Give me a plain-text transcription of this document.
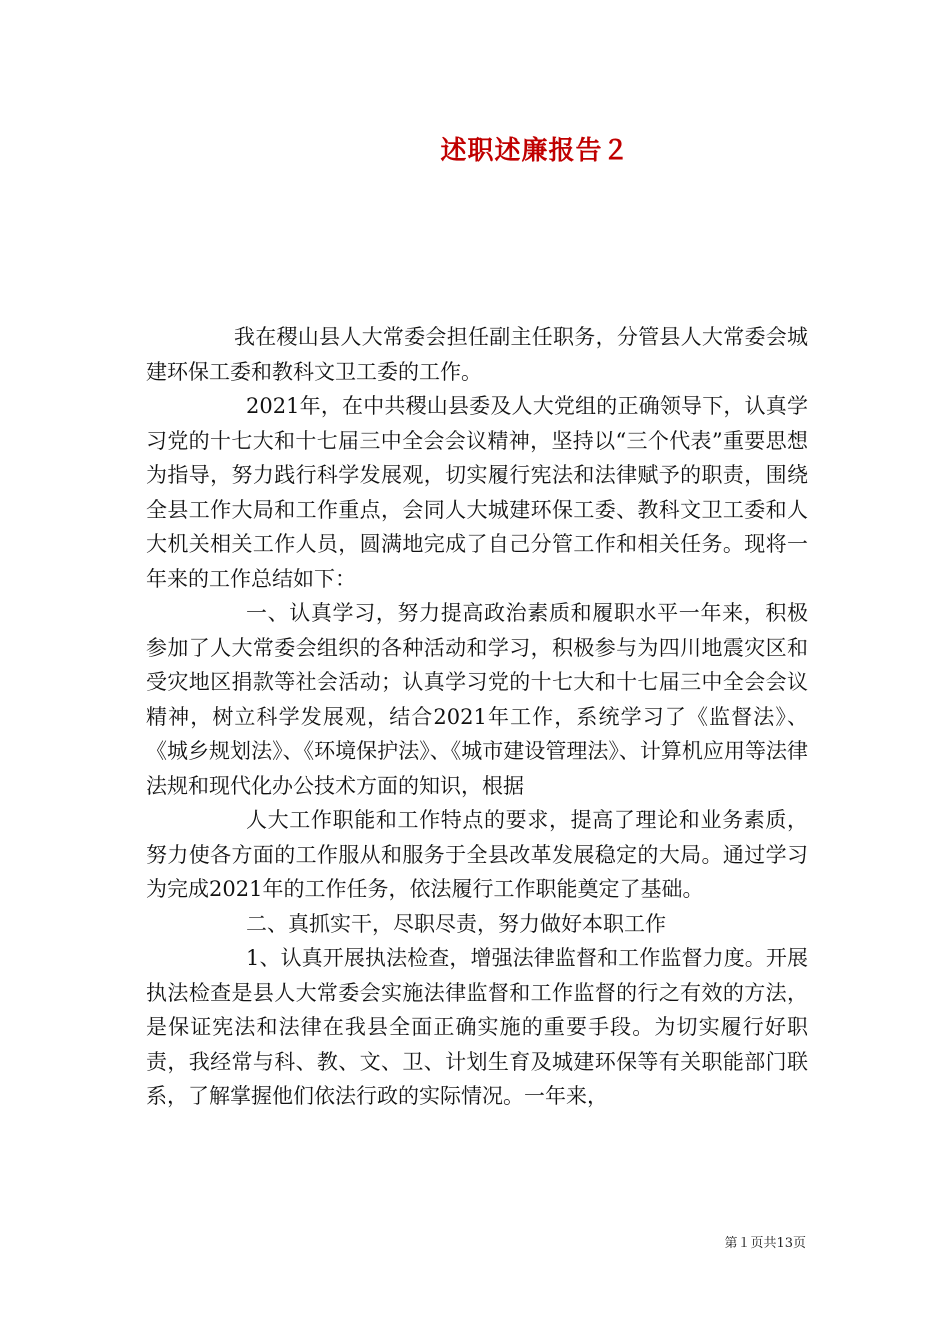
述职述廉报告２

我在稷山县人大常委会担任副主任职务，分管县人大常委会城建环保工委和教科文卫工委的工作。

2021年，在中共稷山县委及人大党组的正确领导下，认真学习党的十七大和十七届三中全会会议精神，坚持以“三个代表”重要思想为指导，努力践行科学发展观，切实履行宪法和法律赋予的职责，围绕全县工作大局和工作重点，会同人大城建环保工委、教科文卫工委和人大机关相关工作人员，圆满地完成了自己分管工作和相关任务。现将一年来的工作总结如下：

一、认真学习，努力提高政治素质和履职水平一年来，积极参加了人大常委会组织的各种活动和学习，积极参与为四川地震灾区和受灾地区捐款等社会活动；认真学习党的十七大和十七届三中全会会议精神，树立科学发展观，结合2021年工作，系统学习了《监督法》、《城乡规划法》、《环境保护法》、《城市建设管理法》、计算机应用等法律法规和现代化办公技术方面的知识，根据

人大工作职能和工作特点的要求，提高了理论和业务素质，努力使各方面的工作服从和服务于全县改革发展稳定的大局。通过学习为完成2021年的工作任务，依法履行工作职能奠定了基础。

二、真抓实干，尽职尽责，努力做好本职工作

1、认真开展执法检查，增强法律监督和工作监督力度。开展执法检查是县人大常委会实施法律监督和工作监督的行之有效的方法，是保证宪法和法律在我县全面正确实施的重要手段。为切实履行好职责，我经常与科、教、文、卫、计划生育及城建环保等有关职能部门联系，了解掌握他们依法行政的实际情况。一年来，

第１页共13页
